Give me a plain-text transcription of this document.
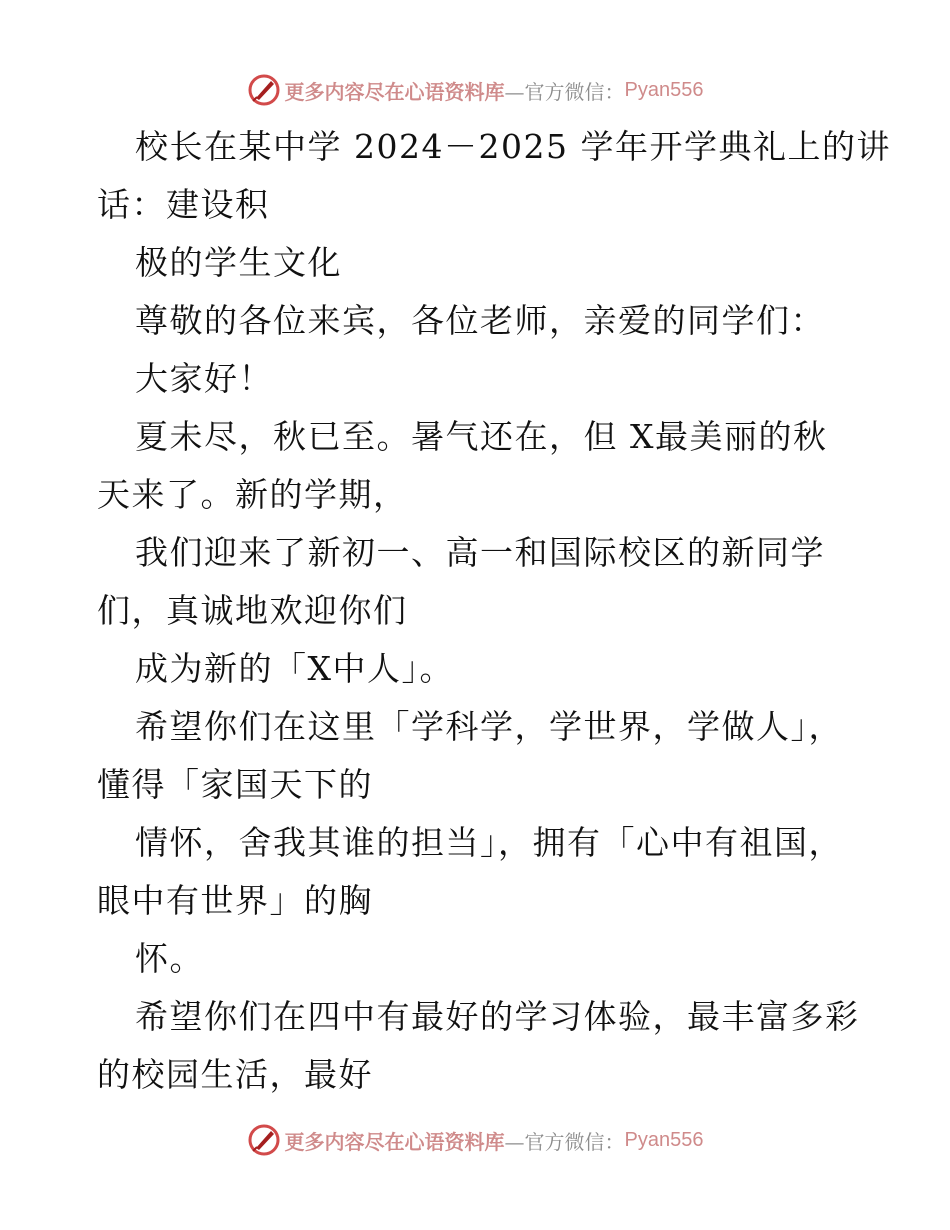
更多内容尽在心语资料库 —官方微信： Pyan556
校长在某中学 2024－2025 学年开学典礼上的讲
话：建设积
极的学生文化
尊敬的各位来宾，各位老师，亲爱的同学们：
大家好！
夏未尽，秋已至。暑气还在，但 X最美丽的秋
天来了。新的学期，
我们迎来了新初一、高一和国际校区的新同学
们，真诚地欢迎你们
成为新的「X中人」。
希望你们在这里「学科学，学世界，学做人」，
懂得「家国天下的
情怀，舍我其谁的担当」，拥有「心中有祖国，
眼中有世界」的胸
怀。
希望你们在四中有最好的学习体验，最丰富多彩
的校园生活，最好
更多内容尽在心语资料库 —官方微信： Pyan556
